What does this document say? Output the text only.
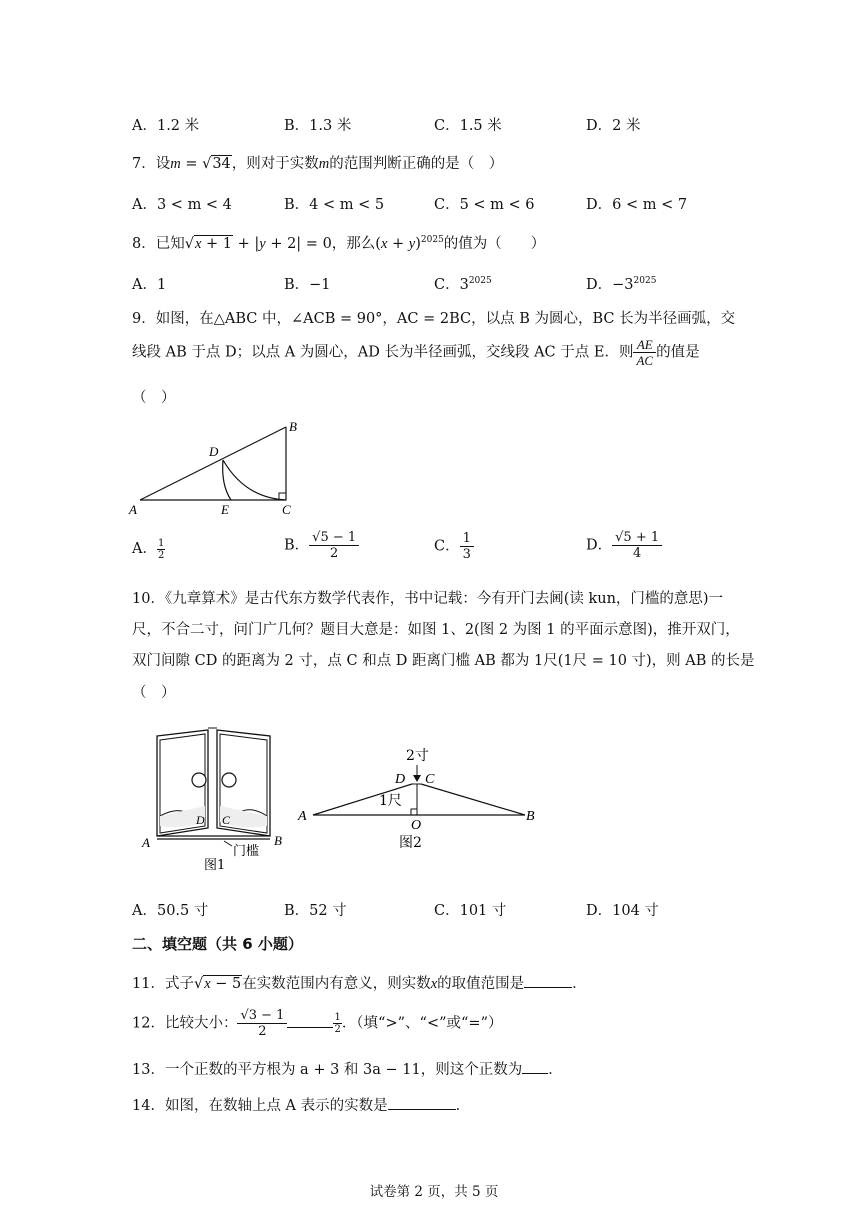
A．1.2 米	B．1.3 米	C．1.5 米	D．2 米
7．设m = √34，则对于实数m的范围判断正确的是（　）
A．3 < m < 4	B．4 < m < 5	C．5 < m < 6	D．6 < m < 7
8．已知√x + 1 + |y + 2| = 0，那么$(x + y)^{2025}$的值为（　　）
A．1	B．−1	C．$3^{2025}$	D．$-3^{2025}$
9．如图，在△ABC 中，∠ACB = 90°，AC = 2BC，以点 B 为圆心，BC 长为半径画弧，交
线段 AB 于点 D；以点 A 为圆心，AD 长为半径画弧，交线段 AC 于点 E．则 $\frac{AE}{AC}$ 的值是
（　）
A
B
C
D
E
A． $\frac{1}{2}$	B． $\frac{√5 - 1}{2}$	C． $\frac{1}{3}$	D． $\frac{√5 + 1}{4}$
10．《九章算术》是古代东方数学代表作，书中记载：今有开门去阃(读 kun，门槛的意思)一
尺，不合二寸，问门广几何？题目大意是：如图 1、2(图 2 为图 1 的平面示意图)，推开双门，
双门间隙 CD 的距离为 2 寸，点 C 和点 D 距离门槛 AB 都为 1尺(1尺 = 10 寸)，则 AB 的长是
（　）
A	B
D C
门槛
图1
2寸
D C
1尺
A	B
O
图2
A．50.5 寸	B．52 寸	C．101 寸	D．104 寸
二、填空题（共 6 小题）
11．式子√x − 5在实数范围内有意义，则实数x的取值范围是	．
12．比较大小： $\frac{√3 - 1}{2}$	$\frac{1}{2}$ ．（填“>”、“<”或“=”）
13．一个正数的平方根为 a + 3 和 3a − 11，则这个正数为 ．
14．如图，在数轴上点 A 表示的实数是	．
试卷第 2 页，共 5 页
